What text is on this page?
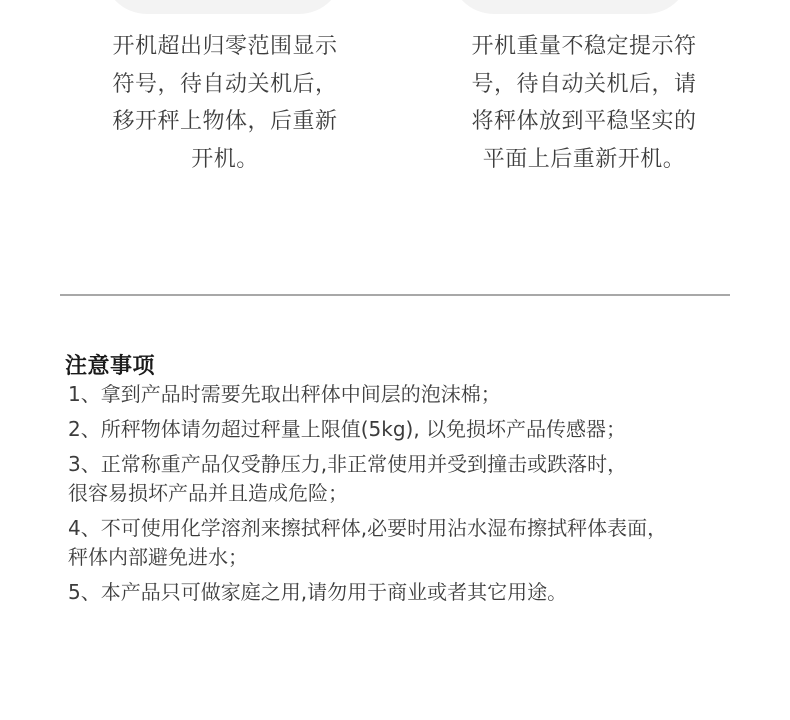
开机超出归零范围显示
符号，待自动关机后，
移开秤上物体，后重新
开机。
开机重量不稳定提示符
号，待自动关机后，请
将秤体放到平稳坚实的
平面上后重新开机。
注意事项
1、拿到产品时需要先取出秤体中间层的泡沫棉；
2、所秤物体请勿超过秤量上限值(5kg), 以免损坏产品传感器；
3、正常称重产品仅受静压力,非正常使用并受到撞击或跌落时，
很容易损坏产品并且造成危险；
4、不可使用化学溶剂来擦拭秤体,必要时用沾水湿布擦拭秤体表面，
秤体内部避免进水；
5、本产品只可做家庭之用,请勿用于商业或者其它用途。
